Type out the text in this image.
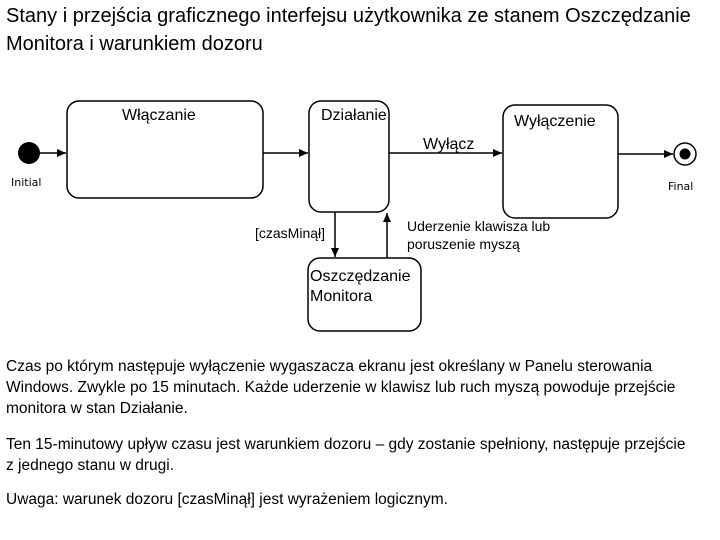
Stany i przejścia graficznego interfejsu użytkownika ze stanem Oszczędzanie Monitora i warunkiem dozoru
Initial	Final
Włączanie	Działanie	Wyłączenie
Oszczędzanie
Monitora
Wyłącz
[czasMinął]	Uderzenie klawisza lub
poruszenie myszą

Czas po którym następuje wyłączenie wygaszacza ekranu jest określany w Panelu sterowania Windows. Zwykle po 15 minutach. Każde uderzenie w klawisz lub ruch myszą powoduje przejście monitora w stan Działanie.

Ten 15-minutowy upływ czasu jest warunkiem dozoru – gdy zostanie spełniony, następuje przejście z jednego stanu w drugi.

Uwaga: warunek dozoru [czasMinął] jest wyrażeniem logicznym.
